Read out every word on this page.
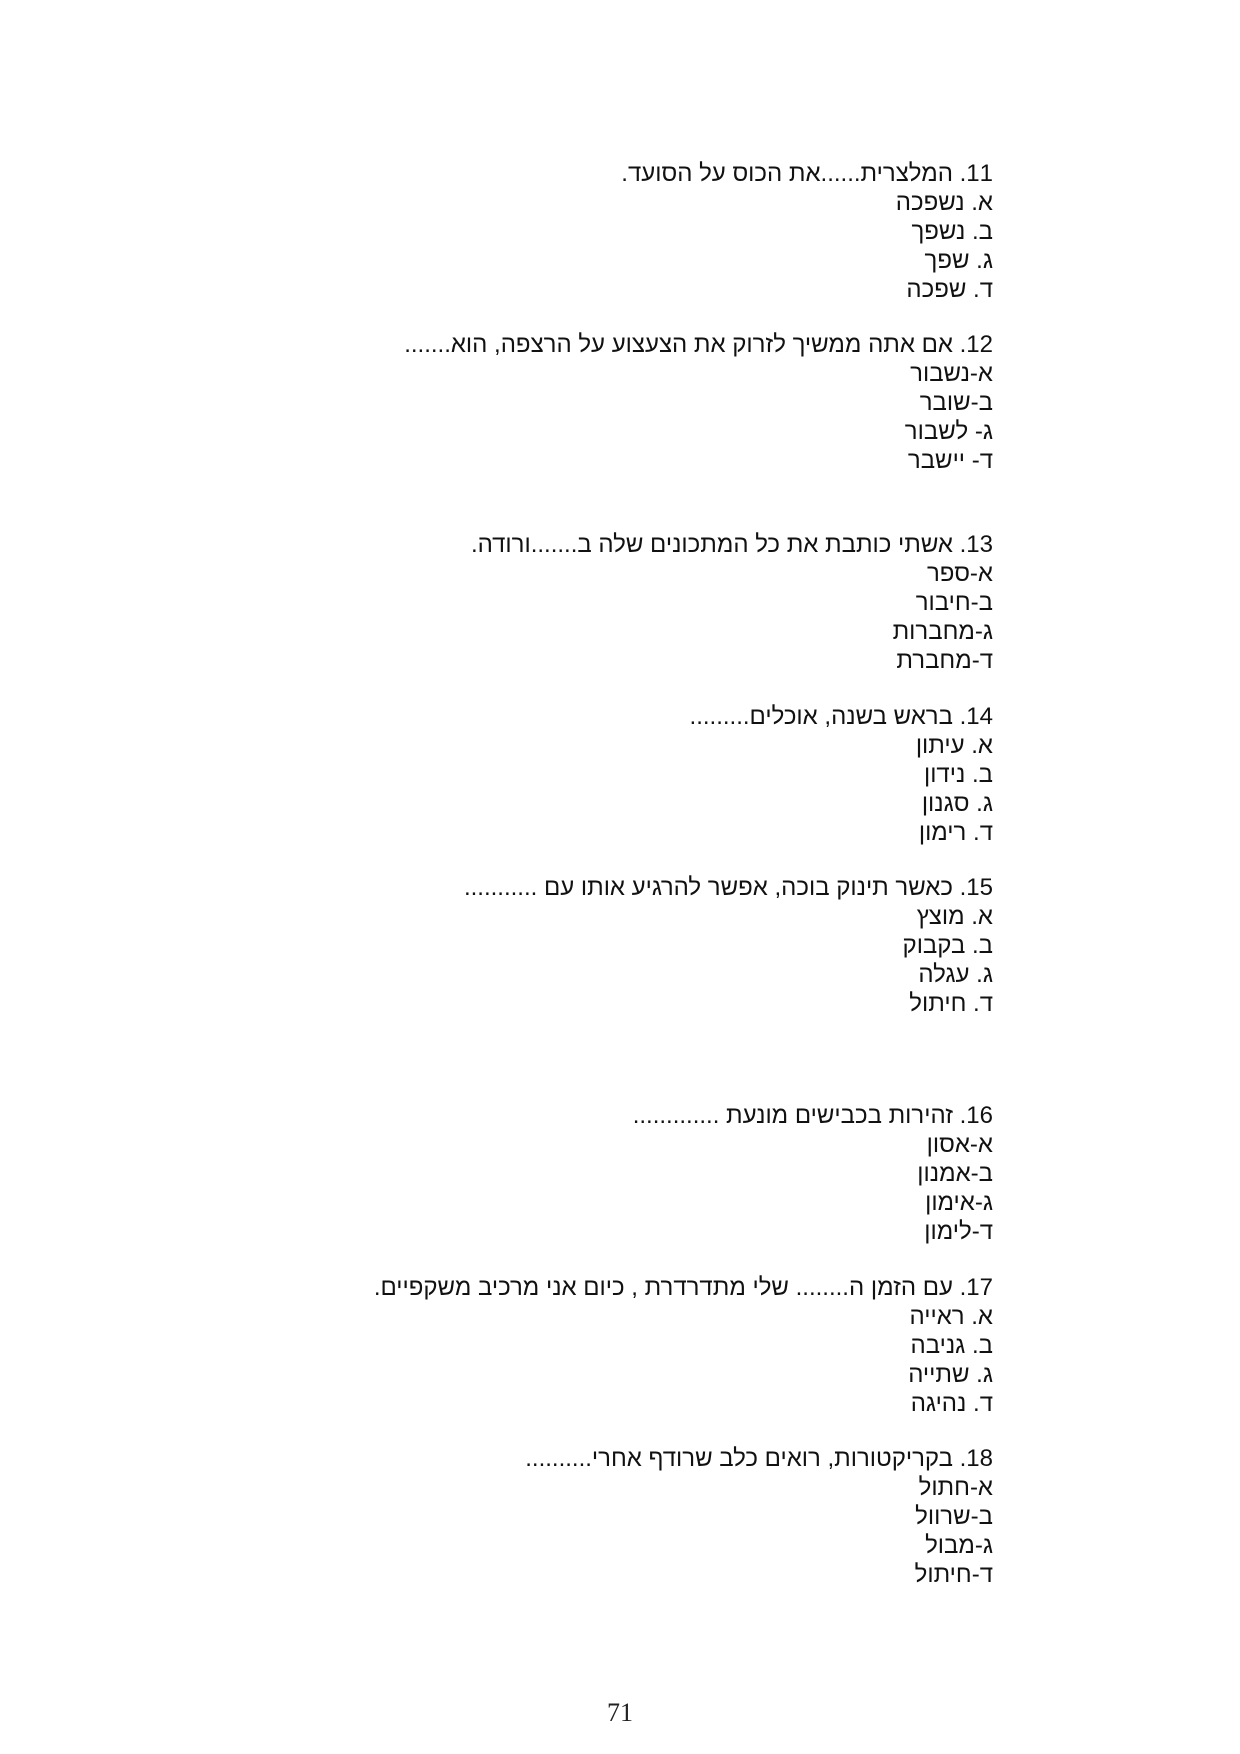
11. המלצרית......את הכוס על הסועד.
א. נשפכה
ב. נשפך
ג. שפך
ד. שפכה
12. אם אתה ממשיך לזרוק את הצעצוע על הרצפה, הוא.......
א-נשבור
ב-שובר
ג- לשבור
ד- יישבר
13. אשתי כותבת את כל המתכונים שלה ב.......ורודה.
א-ספר
ב-חיבור
ג-מחברות
ד-מחברת
14. בראש בשנה, אוכלים.........
א. עיתון
ב. נידון
ג. סגנון
ד. רימון
15. כאשר תינוק בוכה, אפשר להרגיע אותו עם ...........
א. מוצץ
ב. בקבוק
ג. עגלה
ד. חיתול
16. זהירות בכבישים מונעת .............
א-אסון
ב-אמנון
ג-אימון
ד-לימון
17. עם הזמן ה........ שלי מתדרדרת , כיום אני מרכיב משקפיים.
א. ראייה
ב. גניבה
ג. שתייה
ד. נהיגה
18. בקריקטורות, רואים כלב שרודף אחרי..........
א-חתול
ב-שרוול
ג-מבול
ד-חיתול
71
